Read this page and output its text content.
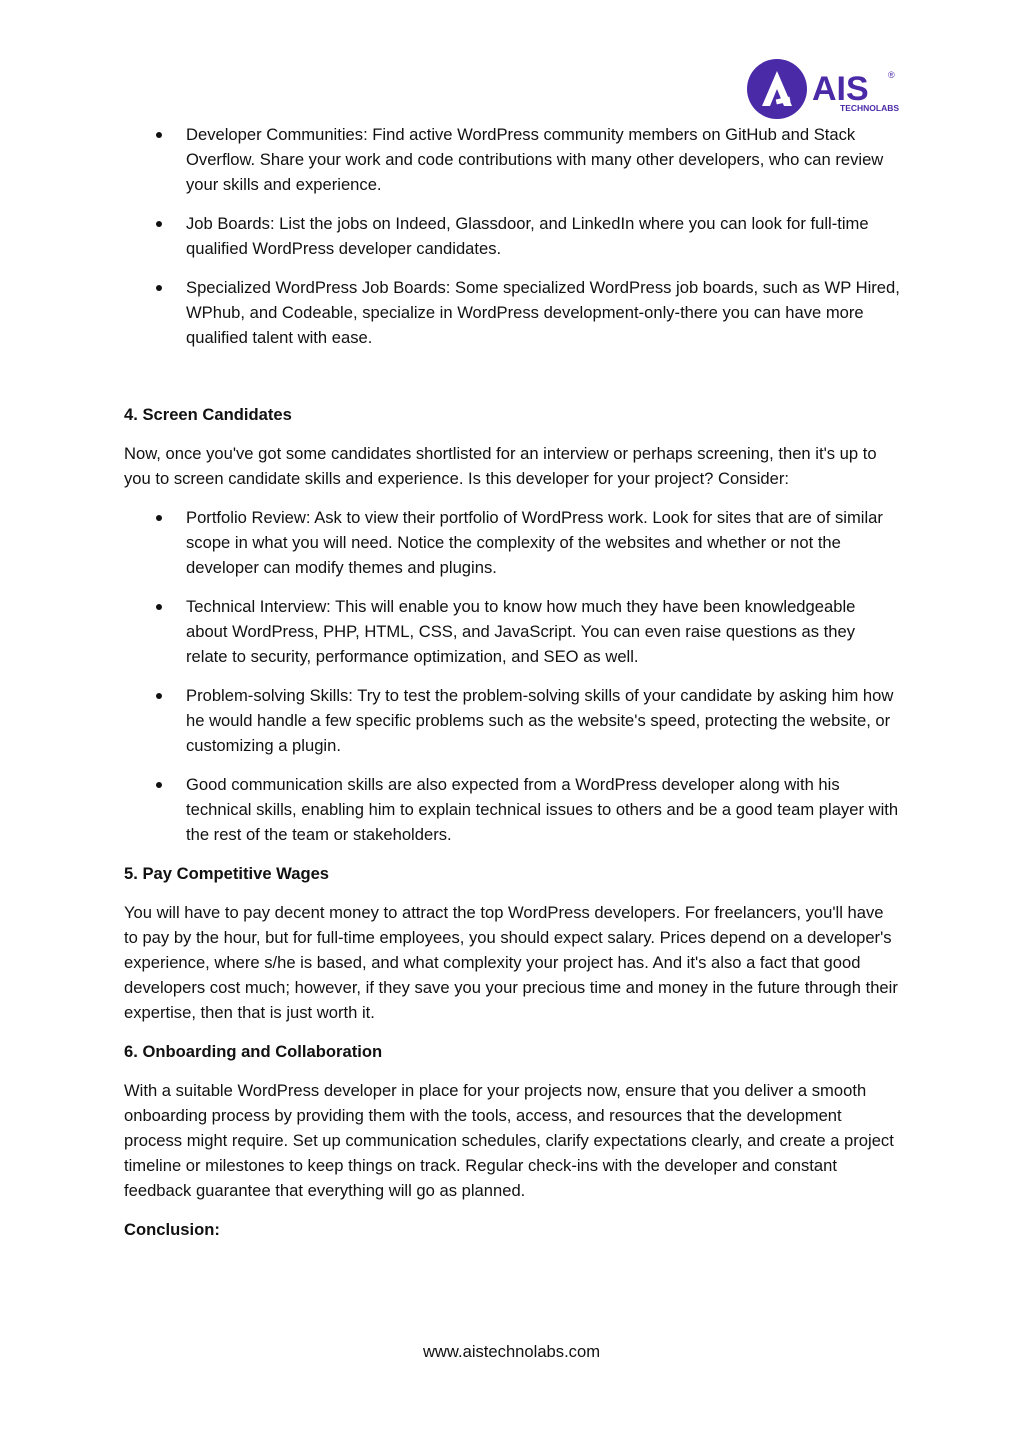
AIS ®
TECHNOLABS
Developer Communities: Find active WordPress community members on GitHub and Stack Overflow. Share your work and code contributions with many other developers, who can review your skills and experience.
Job Boards: List the jobs on Indeed, Glassdoor, and LinkedIn where you can look for full-time qualified WordPress developer candidates.
Specialized WordPress Job Boards: Some specialized WordPress job boards, such as WP Hired, WPhub, and Codeable, specialize in WordPress development-only-there you can have more qualified talent with ease.
4. Screen Candidates

Now, once you've got some candidates shortlisted for an interview or perhaps screening, then it's up to you to screen candidate skills and experience. Is this developer for your project? Consider:

Portfolio Review: Ask to view their portfolio of WordPress work. Look for sites that are of similar scope in what you will need. Notice the complexity of the websites and whether or not the developer can modify themes and plugins.
Technical Interview: This will enable you to know how much they have been knowledgeable about WordPress, PHP, HTML, CSS, and JavaScript. You can even raise questions as they relate to security, performance optimization, and SEO as well.
Problem-solving Skills: Try to test the problem-solving skills of your candidate by asking him how he would handle a few specific problems such as the website's speed, protecting the website, or customizing a plugin.
Good communication skills are also expected from a WordPress developer along with his technical skills, enabling him to explain technical issues to others and be a good team player with the rest of the team or stakeholders.
5. Pay Competitive Wages

You will have to pay decent money to attract the top WordPress developers. For freelancers, you'll have to pay by the hour, but for full-time employees, you should expect salary. Prices depend on a developer's experience, where s/he is based, and what complexity your project has. And it's also a fact that good developers cost much; however, if they save you your precious time and money in the future through their expertise, then that is just worth it.

6. Onboarding and Collaboration

With a suitable WordPress developer in place for your projects now, ensure that you deliver a smooth onboarding process by providing them with the tools, access, and resources that the development process might require. Set up communication schedules, clarify expectations clearly, and create a project timeline or milestones to keep things on track. Regular check-ins with the developer and constant feedback guarantee that everything will go as planned.

Conclusion:
www.aistechnolabs.com
